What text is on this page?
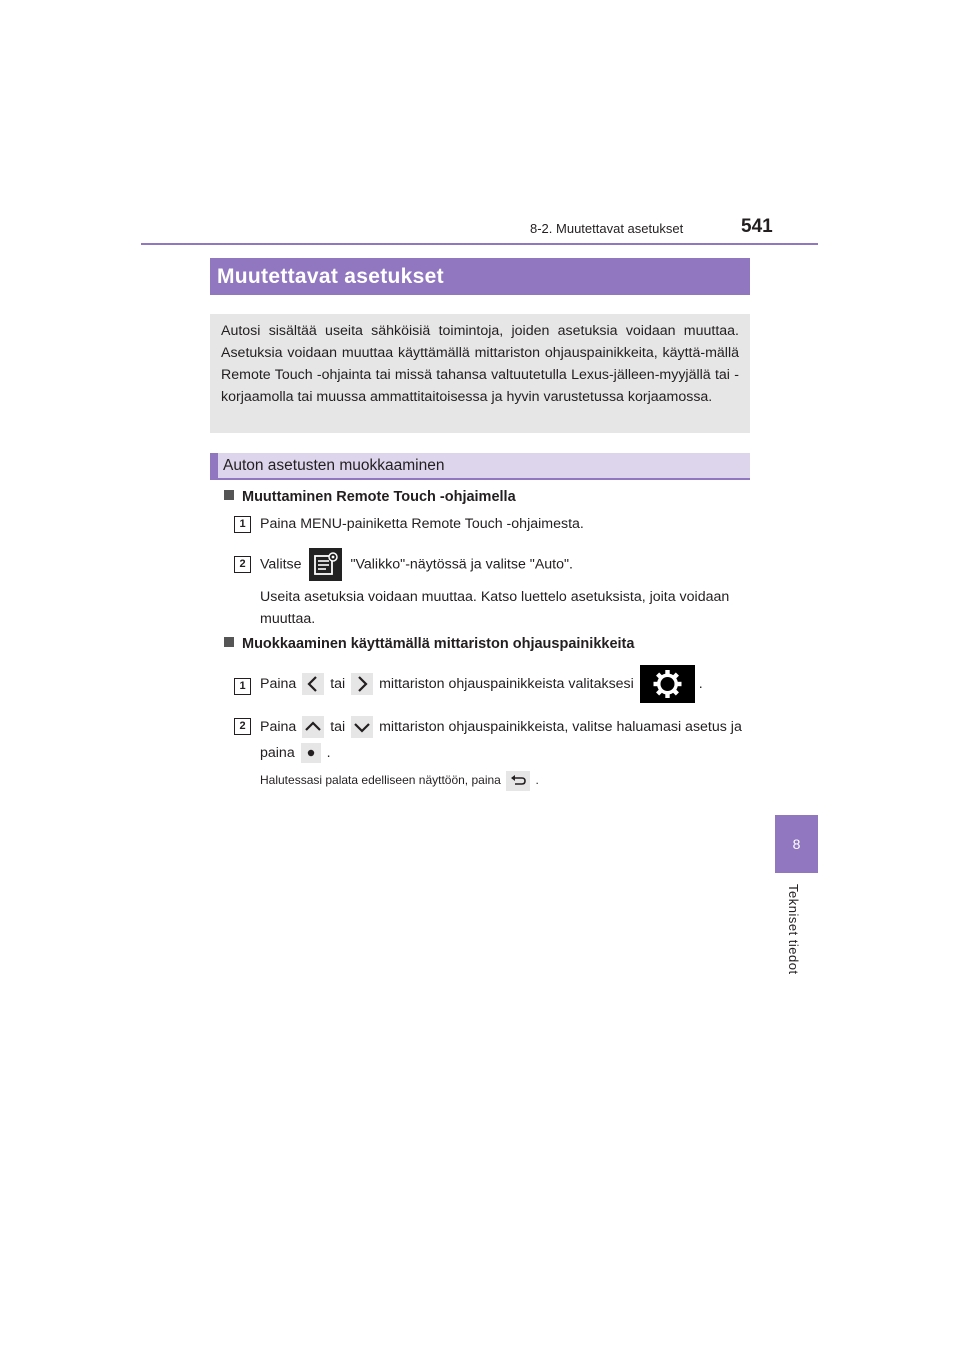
8-2. Muutettavat asetukset	541
8
Tekniset tiedot
Muutettavat asetukset
Autosi sisältää useita sähköisiä toimintoja, joiden asetuksia voidaan muuttaa. Asetuksia voidaan muuttaa käyttämällä mittariston ohjauspainikkeita, käyttä-mällä Remote Touch -ohjainta tai missä tahansa valtuutetulla Lexus-jälleen-myyjällä tai -korjaamolla tai muussa ammattitaitoisessa ja hyvin varustetussa korjaamossa.
Auton asetusten muokkaaminen
Muuttaminen Remote Touch -ohjaimella
1	Paina MENU-painiketta Remote Touch -ohjaimesta.
2	Valitse	"Valikko"-näytössä ja valitse "Auto".
Useita asetuksia voidaan muuttaa. Katso luettelo asetuksista, joita voidaan muuttaa.
Muokkaaminen käyttämällä mittariston ohjauspainikkeita
1	Paina tai mittariston ohjauspainikkeista valitaksesi	.
2	Paina tai mittariston ohjauspainikkeista, valitse haluamasi asetus ja
paina .
Halutessasi palata edelliseen näyttöön, paina	.
